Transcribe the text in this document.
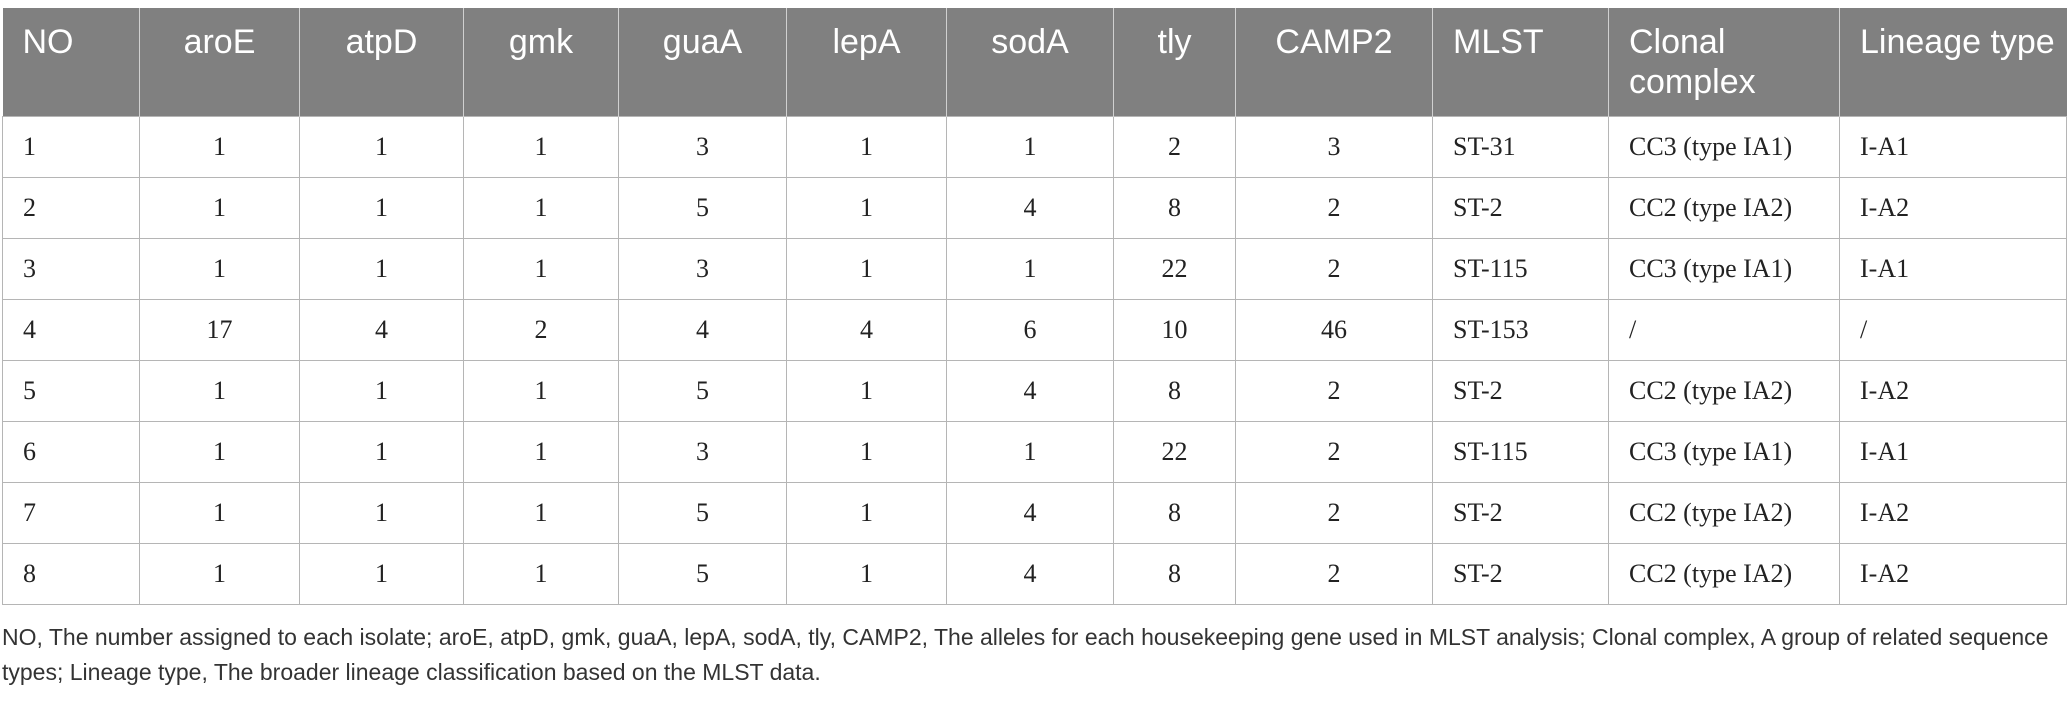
NO	aroE	atpD	gmk	guaA	lepA	sodA	tly	CAMP2	MLST	Clonal complex	Lineage type
1	1	1	1	3	1	1	2	3	ST-31	CC3 (type IA1)	I-A1
2	1	1	1	5	1	4	8	2	ST-2	CC2 (type IA2)	I-A2
3	1	1	1	3	1	1	22	2	ST-115	CC3 (type IA1)	I-A1
4	17	4	2	4	4	6	10	46	ST-153	/	/
5	1	1	1	5	1	4	8	2	ST-2	CC2 (type IA2)	I-A2
6	1	1	1	3	1	1	22	2	ST-115	CC3 (type IA1)	I-A1
7	1	1	1	5	1	4	8	2	ST-2	CC2 (type IA2)	I-A2
8	1	1	1	5	1	4	8	2	ST-2	CC2 (type IA2)	I-A2
NO, The number assigned to each isolate; aroE, atpD, gmk, guaA, lepA, sodA, tly, CAMP2, The alleles for each housekeeping gene used in MLST analysis; Clonal complex, A group of related sequence types; Lineage type, The broader lineage classification based on the MLST data.
